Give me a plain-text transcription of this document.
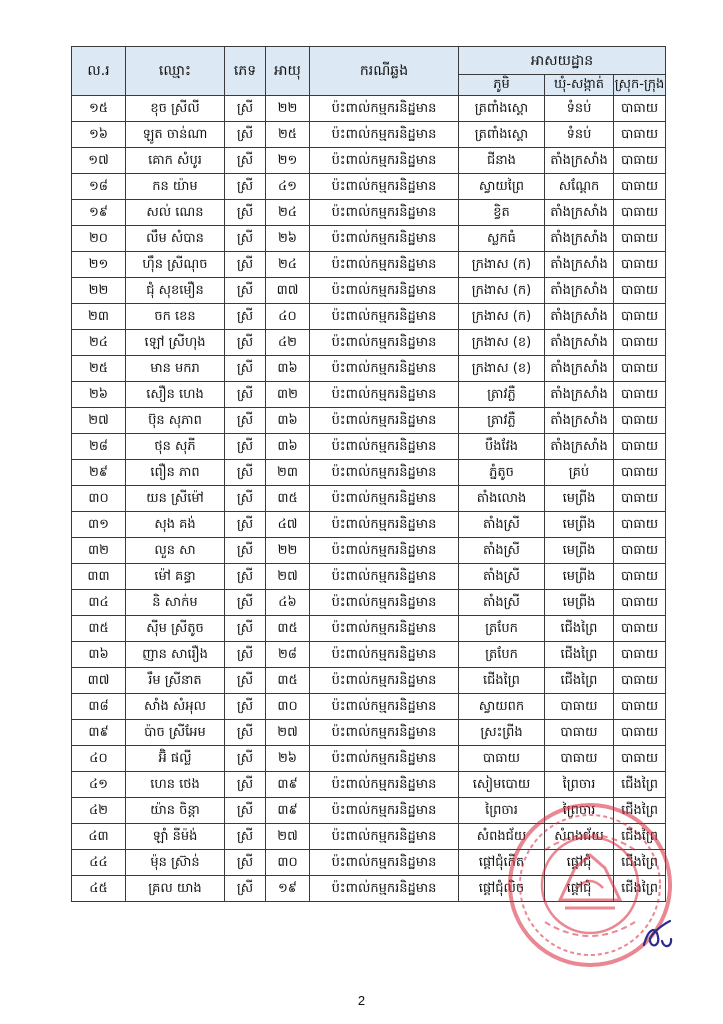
ល.រ	ឈ្មោះ	ភេទ	អាយុ	ករណីឆ្លង	អាសយដ្ឋាន		
					ភូមិ	ឃុំ-សង្កាត់	ស្រុក-ក្រុង
១៥	ខុច ស្រីលី	ស្រី	២២	ប៉ះពាល់កម្មករនិដ្ឋមាន	ត្រពាំងស្គោ	ទំនប់	បាធាយ
១៦	ឡូត ចាន់ណា	ស្រី	២៥	ប៉ះពាល់កម្មករនិដ្ឋមាន	ត្រពាំងស្គោ	ទំនប់	បាធាយ
១៧	គោក សំបូរ	ស្រី	២១	ប៉ះពាល់កម្មករនិដ្ឋមាន	ជីនាង	តាំងក្រសាំង	បាធាយ
១៨	កន យ៉ាម	ស្រី	៤១	ប៉ះពាល់កម្មករនិដ្ឋមាន	ស្វាយព្រៃ	សណ្តែក	បាធាយ
១៩	សល់ ណេន	ស្រី	២៤	ប៉ះពាល់កម្មករនិដ្ឋមាន	ខ្វិត	តាំងក្រសាំង	បាធាយ
២០	លឹម សំបាន	ស្រី	២៦	ប៉ះពាល់កម្មករនិដ្ឋមាន	ស្លកធំ	តាំងក្រសាំង	បាធាយ
២១	ហ៊ឹន ស្រីណុច	ស្រី	២៤	ប៉ះពាល់កម្មករនិដ្ឋមាន	ក្រងាស (ក)	តាំងក្រសាំង	បាធាយ
២២	ជុំ សុខមឿន	ស្រី	៣៧	ប៉ះពាល់កម្មករនិដ្ឋមាន	ក្រងាស (ក)	តាំងក្រសាំង	បាធាយ
២៣	ចក ខេន	ស្រី	៤០	ប៉ះពាល់កម្មករនិដ្ឋមាន	ក្រងាស (ក)	តាំងក្រសាំង	បាធាយ
២៤	ឡៅ ស្រីហុង	ស្រី	៤២	ប៉ះពាល់កម្មករនិដ្ឋមាន	ក្រងាស (ខ)	តាំងក្រសាំង	បាធាយ
២៥	មាន មករា	ស្រី	៣៦	ប៉ះពាល់កម្មករនិដ្ឋមាន	ក្រងាស (ខ)	តាំងក្រសាំង	បាធាយ
២៦	សឿន ហេង	ស្រី	៣២	ប៉ះពាល់កម្មករនិដ្ឋមាន	ត្រាវភ្លឺ	តាំងក្រសាំង	បាធាយ
២៧	ប៊ុន សុភាព	ស្រី	៣៦	ប៉ះពាល់កម្មករនិដ្ឋមាន	ត្រាវភ្លឺ	តាំងក្រសាំង	បាធាយ
២៨	ថុន សុភី	ស្រី	៣៦	ប៉ះពាល់កម្មករនិដ្ឋមាន	បឹងវែង	តាំងក្រសាំង	បាធាយ
២៩	ពឿន ភាព	ស្រី	២៣	ប៉ះពាល់កម្មករនិដ្ឋមាន	ភ្នំតូច	គ្រប់	បាធាយ
៣០	យន ស្រីម៉ៅ	ស្រី	៣៥	ប៉ះពាល់កម្មករនិដ្ឋមាន	តាំងលោង	មេព្រីង	បាធាយ
៣១	សុង គង់	ស្រី	៤៧	ប៉ះពាល់កម្មករនិដ្ឋមាន	តាំងស្រី	មេព្រីង	បាធាយ
៣២	លួន សា	ស្រី	២២	ប៉ះពាល់កម្មករនិដ្ឋមាន	តាំងស្រី	មេព្រីង	បាធាយ
៣៣	ម៉ៅ គន្ធា	ស្រី	២៧	ប៉ះពាល់កម្មករនិដ្ឋមាន	តាំងស្រី	មេព្រីង	បាធាយ
៣៤	និ សាក់ម	ស្រី	៤៦	ប៉ះពាល់កម្មករនិដ្ឋមាន	តាំងស្រី	មេព្រីង	បាធាយ
៣៥	ស៊ីម ស្រីតូច	ស្រី	៣៥	ប៉ះពាល់កម្មករនិដ្ឋមាន	ត្របែក	ជើងព្រៃ	បាធាយ
៣៦	ញាន សារឿង	ស្រី	២៨	ប៉ះពាល់កម្មករនិដ្ឋមាន	ត្របែក	ជើងព្រៃ	បាធាយ
៣៧	រឹម ស្រីនាត	ស្រី	៣៥	ប៉ះពាល់កម្មករនិដ្ឋមាន	ជើងព្រៃ	ជើងព្រៃ	បាធាយ
៣៨	សាំង សំអុល	ស្រី	៣០	ប៉ះពាល់កម្មករនិដ្ឋមាន	ស្វាយពក	បាធាយ	បាធាយ
៣៩	ប៉ាច ស្រីអែម	ស្រី	២៧	ប៉ះពាល់កម្មករនិដ្ឋមាន	ស្រះព្រីង	បាធាយ	បាធាយ
៤០	អ៊ិ ផល្លី	ស្រី	២៦	ប៉ះពាល់កម្មករនិដ្ឋមាន	បាធាយ	បាធាយ	បាធាយ
៤១	ហេន ថេង	ស្រី	៣៩	ប៉ះពាល់កម្មករនិដ្ឋមាន	សៀមបោយ	ព្រៃចារ	ជើងព្រៃ
៤២	យ៉ាន ចិន្តា	ស្រី	៣៩	ប៉ះពាល់កម្មករនិដ្ឋមាន	ព្រៃចារ	ព្រៃចារ	ជើងព្រៃ
៤៣	ឡាំ នីម៉ង់	ស្រី	២៧	ប៉ះពាល់កម្មករនិដ្ឋមាន	សំពងជ័យ	សំពងជ័យ	ជើងព្រៃ
៤៤	ម៉ុន ស្រ៊ាន់	ស្រី	៣០	ប៉ះពាល់កម្មករនិដ្ឋមាន	ផ្តៅជុំកើត	ផ្តៅជុំ	ជើងព្រៃ
៤៥	គ្រល យាង	ស្រី	១៩	ប៉ះពាល់កម្មករនិដ្ឋមាន	ផ្តៅជុំលិច	ផ្តៅជុំ	ជើងព្រៃ
2
